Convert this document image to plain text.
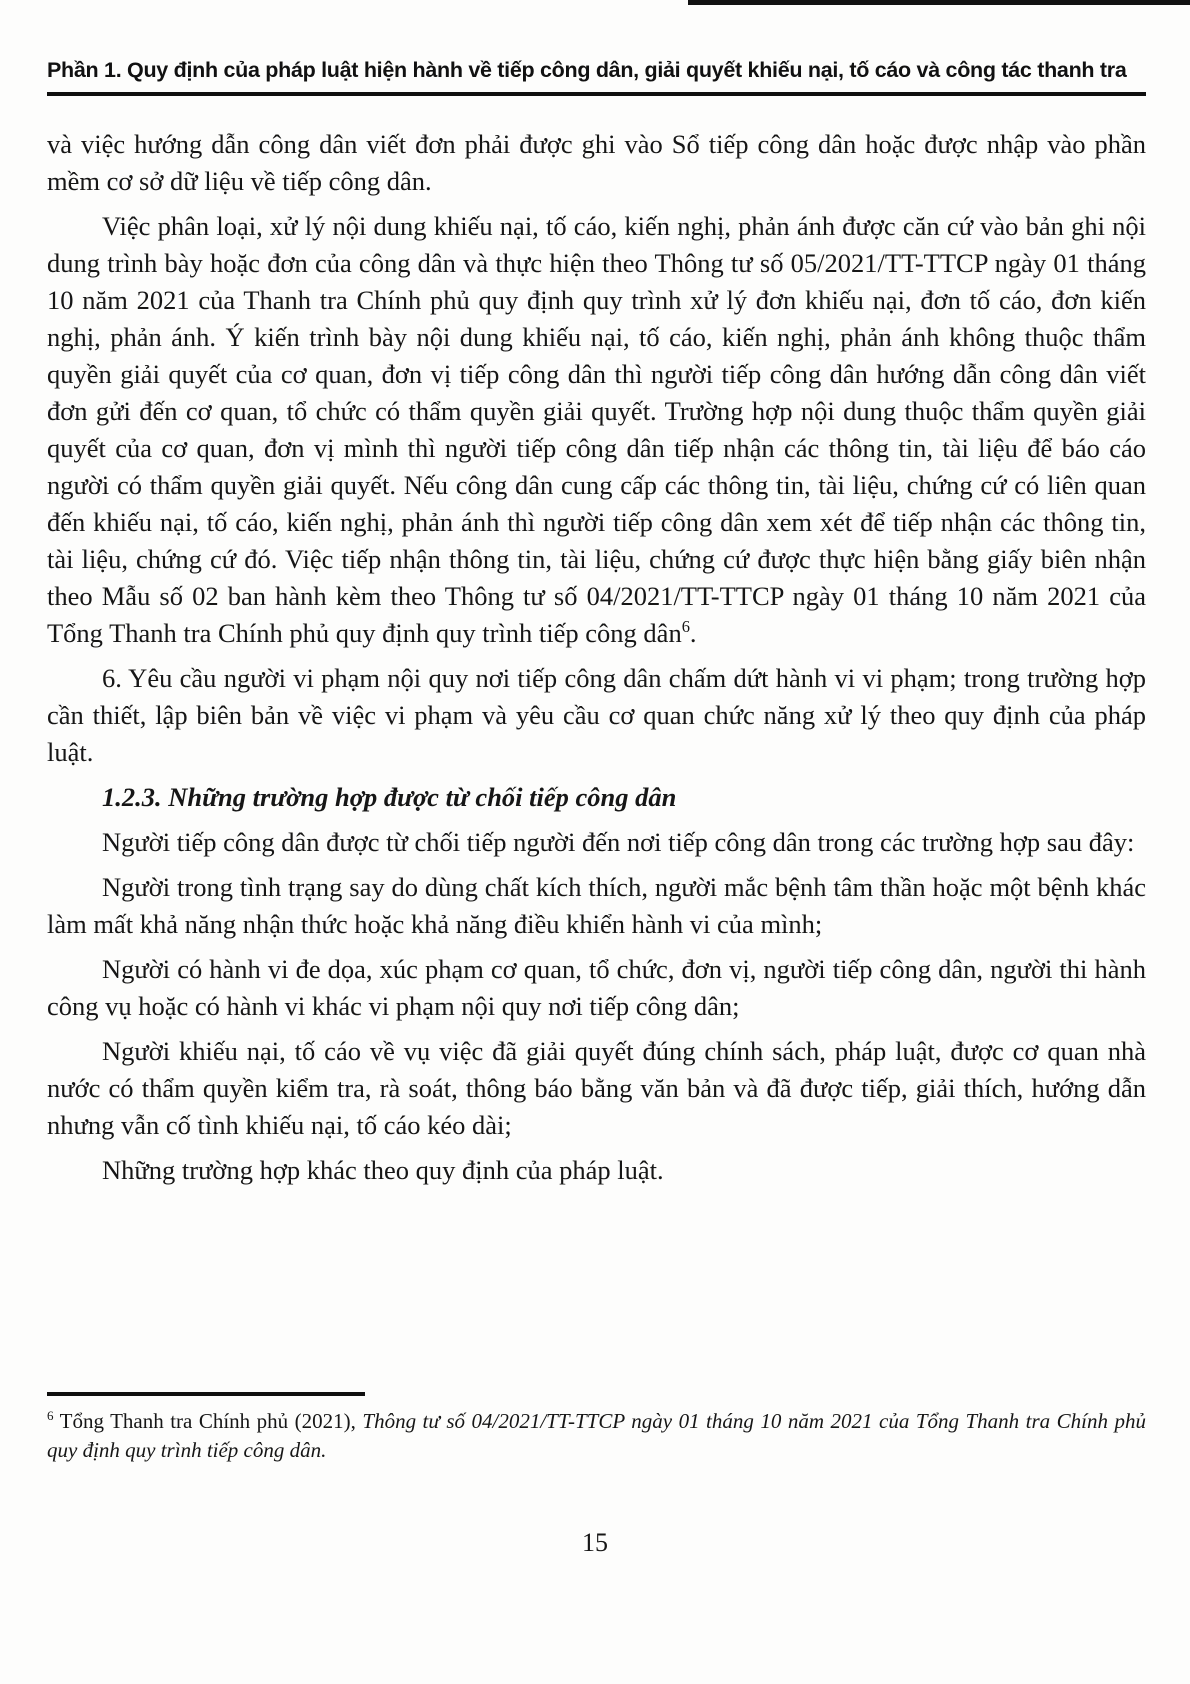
Phần 1. Quy định của pháp luật hiện hành về tiếp công dân, giải quyết khiếu nại, tố cáo và công tác thanh tra

và việc hướng dẫn công dân viết đơn phải được ghi vào Sổ tiếp công dân hoặc được nhập vào phần mềm cơ sở dữ liệu về tiếp công dân.

Việc phân loại, xử lý nội dung khiếu nại, tố cáo, kiến nghị, phản ánh được căn cứ vào bản ghi nội dung trình bày hoặc đơn của công dân và thực hiện theo Thông tư số 05/2021/TT-TTCP ngày 01 tháng 10 năm 2021 của Thanh tra Chính phủ quy định quy trình xử lý đơn khiếu nại, đơn tố cáo, đơn kiến nghị, phản ánh. Ý kiến trình bày nội dung khiếu nại, tố cáo, kiến nghị, phản ánh không thuộc thẩm quyền giải quyết của cơ quan, đơn vị tiếp công dân thì người tiếp công dân hướng dẫn công dân viết đơn gửi đến cơ quan, tổ chức có thẩm quyền giải quyết. Trường hợp nội dung thuộc thẩm quyền giải quyết của cơ quan, đơn vị mình thì người tiếp công dân tiếp nhận các thông tin, tài liệu để báo cáo người có thẩm quyền giải quyết. Nếu công dân cung cấp các thông tin, tài liệu, chứng cứ có liên quan đến khiếu nại, tố cáo, kiến nghị, phản ánh thì người tiếp công dân xem xét để tiếp nhận các thông tin, tài liệu, chứng cứ đó. Việc tiếp nhận thông tin, tài liệu, chứng cứ được thực hiện bằng giấy biên nhận theo Mẫu số 02 ban hành kèm theo Thông tư số 04/2021/TT-TTCP ngày 01 tháng 10 năm 2021 của Tổng Thanh tra Chính phủ quy định quy trình tiếp công dân$^6$.

6. Yêu cầu người vi phạm nội quy nơi tiếp công dân chấm dứt hành vi vi phạm; trong trường hợp cần thiết, lập biên bản về việc vi phạm và yêu cầu cơ quan chức năng xử lý theo quy định của pháp luật.

1.2.3. Những trường hợp được từ chối tiếp công dân

Người tiếp công dân được từ chối tiếp người đến nơi tiếp công dân trong các trường hợp sau đây:

Người trong tình trạng say do dùng chất kích thích, người mắc bệnh tâm thần hoặc một bệnh khác làm mất khả năng nhận thức hoặc khả năng điều khiển hành vi của mình;

Người có hành vi đe dọa, xúc phạm cơ quan, tổ chức, đơn vị, người tiếp công dân, người thi hành công vụ hoặc có hành vi khác vi phạm nội quy nơi tiếp công dân;

Người khiếu nại, tố cáo về vụ việc đã giải quyết đúng chính sách, pháp luật, được cơ quan nhà nước có thẩm quyền kiểm tra, rà soát, thông báo bằng văn bản và đã được tiếp, giải thích, hướng dẫn nhưng vẫn cố tình khiếu nại, tố cáo kéo dài;

Những trường hợp khác theo quy định của pháp luật.

$^6$ Tổng Thanh tra Chính phủ (2021), Thông tư số 04/2021/TT-TTCP ngày 01 tháng 10 năm 2021 của Tổng Thanh tra Chính phủ quy định quy trình tiếp công dân.
15
